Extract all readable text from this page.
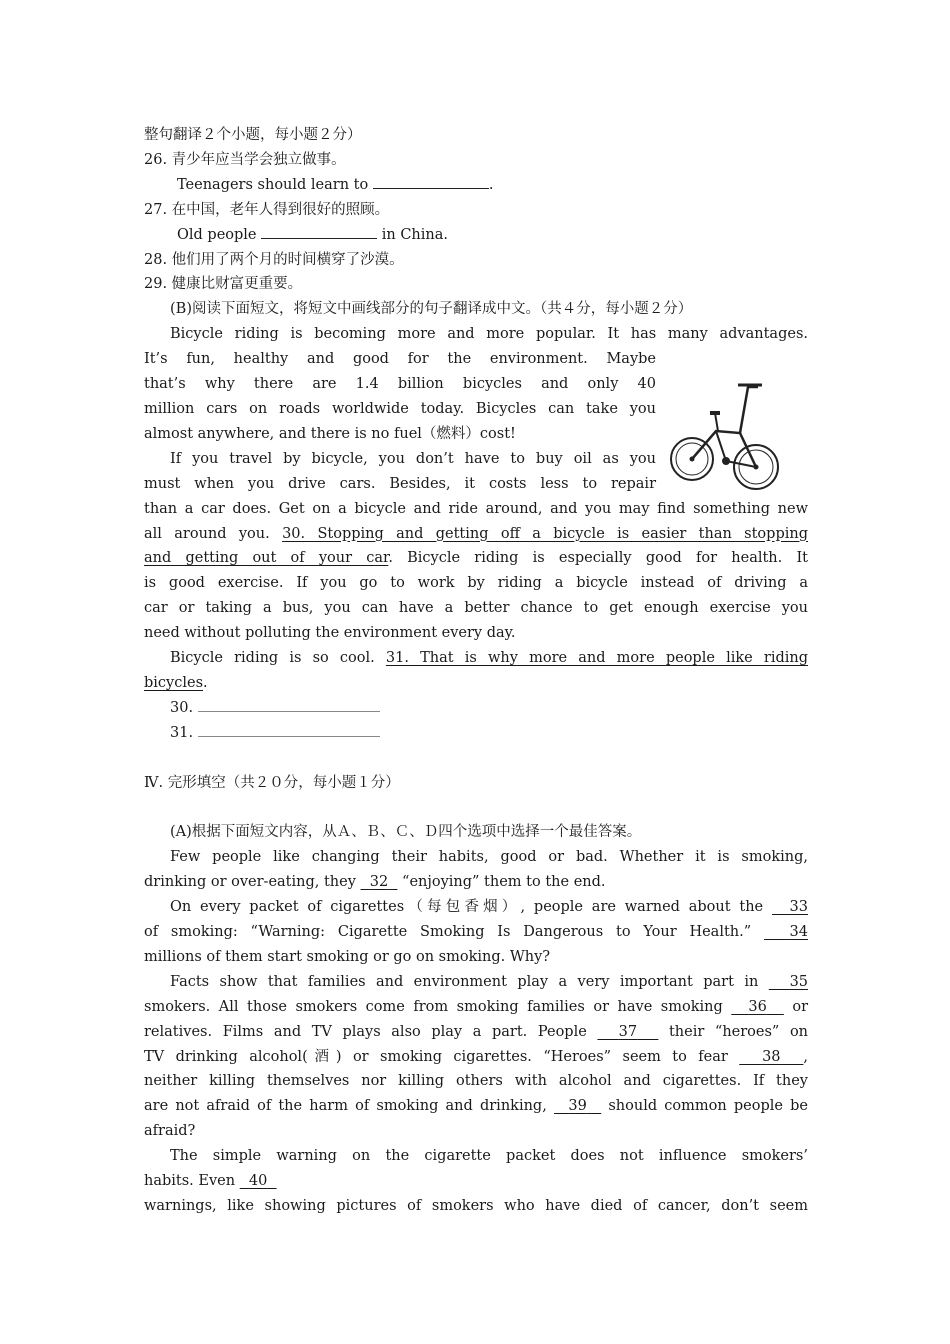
整句翻译２个小题，每小题２分）
26. 青少年应当学会独立做事。
Teenagers should learn to	.
27. 在中国，老年人得到很好的照顾。
Old people	in China.
28. 他们用了两个月的时间横穿了沙漠。
29. 健康比财富更重要。
(B)阅读下面短文，将短文中画线部分的句子翻译成中文。（共４分，每小题２分）
Bicycle riding is becoming more and more popular. It has many advantages.
It’s fun, healthy and good for the environment. Maybe
that’s why there are 1.4 billion bicycles and only 40
million cars on roads worldwide today. Bicycles can take you
almost anywhere, and there is no fuel（燃料）cost!
If you travel by bicycle, you don’t have to buy oil as you
must when you drive cars. Besides, it costs less to repair
than a car does. Get on a bicycle and ride around, and you may find something new
all around you. 30. Stopping and getting off a bicycle is easier than stopping
and getting out of your car. Bicycle riding is especially good for health. It
is good exercise. If you go to work by riding a bicycle instead of driving a
car or taking a bus, you can have a better chance to get enough exercise you
need without polluting the environment every day.
Bicycle riding is so cool. 31. That is why more and more people like riding
bicycles.
30.
31.
Ⅳ. 完形填空（共２０分，每小题１分）
(A)根据下面短文内容，从Ａ、Ｂ、Ｃ、Ｄ四个选项中选择一个最佳答案。
Few people like changing their habits, good or bad. Whether it is smoking,
drinking or over-eating, they   32   “enjoying” them to the end.
On every packet of cigarettes（每包香烟）, people are warned about the   33
of smoking: “Warning: Cigarette Smoking Is Dangerous to Your Health.”   34
millions of them start smoking or go on smoking. Why?
Facts show that families and environment play a very important part in   35
smokers. All those smokers come from smoking families or have smoking   36   or
relatives. Films and TV plays also play a part. People   37   their “heroes” on
TV drinking alcohol(酒) or smoking cigarettes. “Heroes” seem to fear   38 ,
neither killing themselves nor killing others with alcohol and cigarettes. If they
are not afraid of the harm of smoking and drinking,   39   should common people be
afraid?
The simple warning on the cigarette packet does not influence smokers’
habits. Even   40
warnings, like showing pictures of smokers who have died of cancer, don’t seem
